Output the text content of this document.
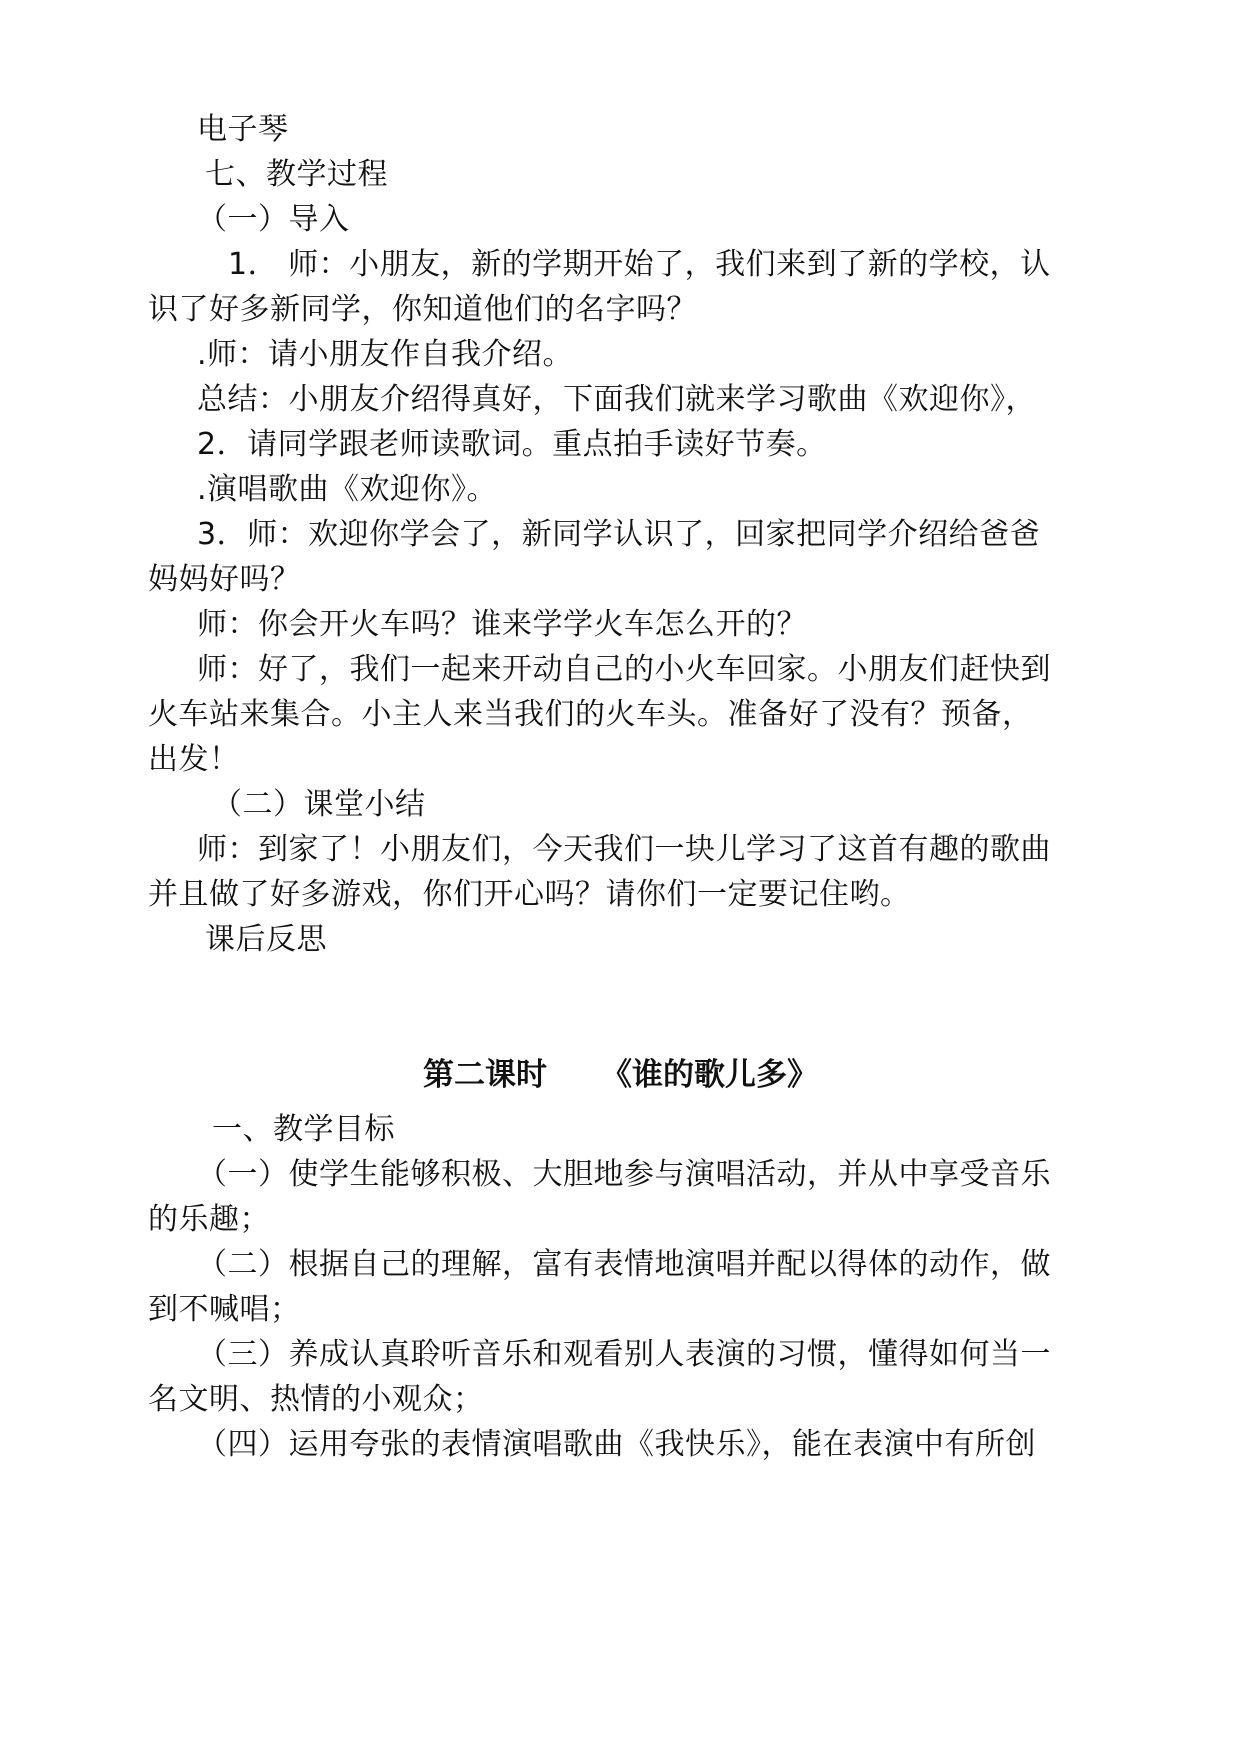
电子琴
七、教学过程
（一）导入
1． 师：小朋友，新的学期开始了，我们来到了新的学校，认
识了好多新同学，你知道他们的名字吗？
.师：请小朋友作自我介绍。
总结：小朋友介绍得真好，下面我们就来学习歌曲《欢迎你》，
2．请同学跟老师读歌词。重点拍手读好节奏。
.演唱歌曲《欢迎你》。
3．师：欢迎你学会了，新同学认识了，回家把同学介绍给爸爸
妈妈好吗？
师：你会开火车吗？谁来学学火车怎么开的？
师：好了，我们一起来开动自己的小火车回家。小朋友们赶快到
火车站来集合。小主人来当我们的火车头。准备好了没有？预备，
出发！
（二）课堂小结
师：到家了！小朋友们，今天我们一块儿学习了这首有趣的歌曲
并且做了好多游戏，你们开心吗？请你们一定要记住哟。
课后反思
第二课时 《谁的歌儿多》
一、教学目标
（一）使学生能够积极、大胆地参与演唱活动，并从中享受音乐
的乐趣；
（二）根据自己的理解，富有表情地演唱并配以得体的动作，做
到不喊唱；
（三）养成认真聆听音乐和观看别人表演的习惯，懂得如何当一
名文明、热情的小观众；
（四）运用夸张的表情演唱歌曲《我快乐》，能在表演中有所创
